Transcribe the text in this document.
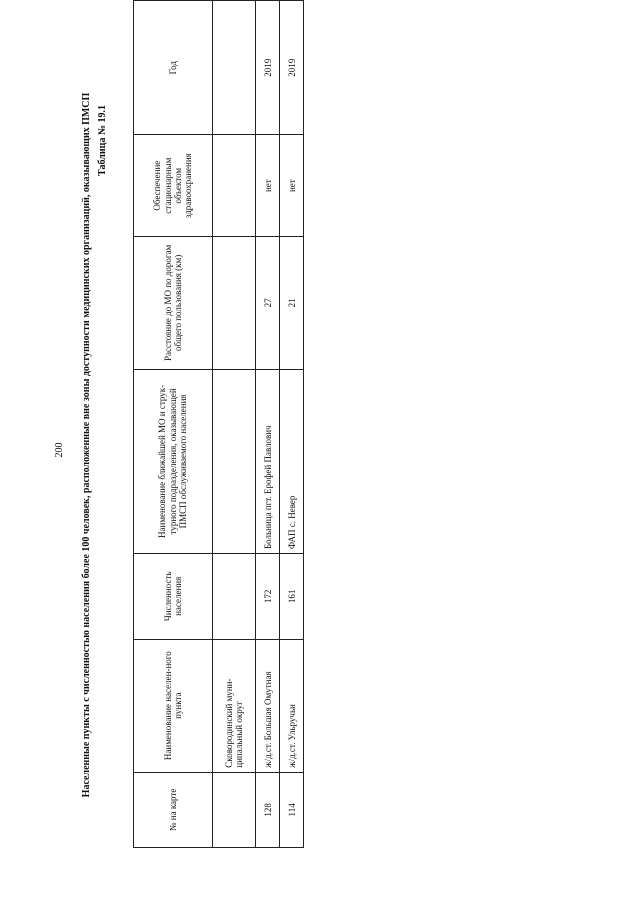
200 Населенные пункты с численностью населения более 100 человек, расположенные вне зоны доступности медицинских организаций, оказывающих ПМСП Таблица № 19.1
№ на карте	Наименование населен-ного пункта	Численность населения	Наименование ближайшей МО и струк-турного подразделения, оказывающей ПМСП обслуживаемого населения	Расстояние до МО по дорогам общего пользования (км)	Обеспечение стационарным объектом здравоохранения	Год
	Сковородинский муни-ципальный округ					
128	ж/д.ст. Большая Омутная	172	Больница пгт. Ерофей Павлович	27	нет	2019
114	ж/д.ст. Ульручьи	161	ФАП с. Невер	21	нет	2019
